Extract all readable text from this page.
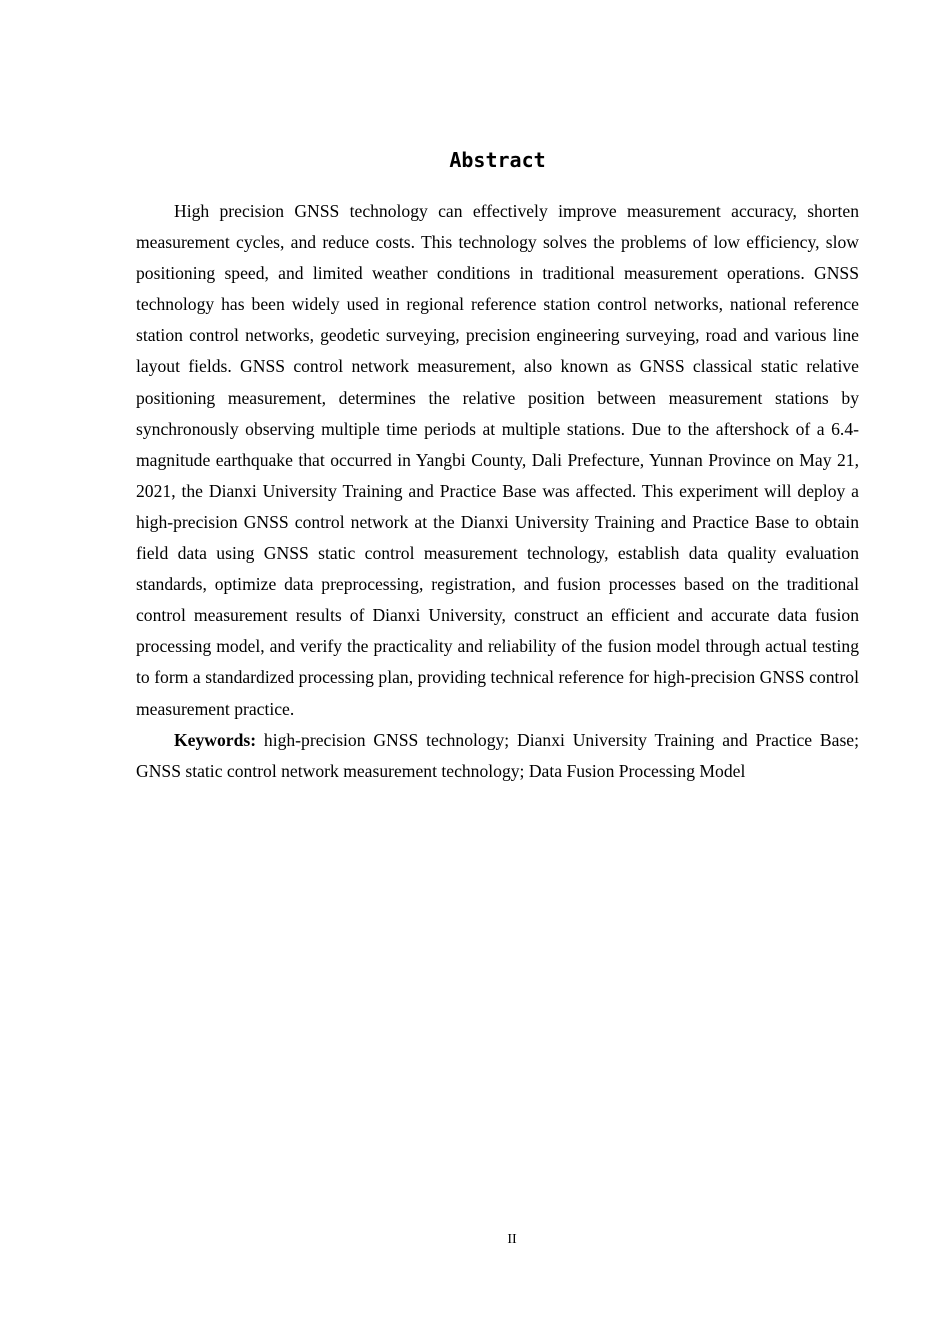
Abstract

High precision GNSS technology can effectively improve measurement accuracy, shorten measurement cycles, and reduce costs. This technology solves the problems of low efficiency, slow positioning speed, and limited weather conditions in traditional measurement operations. GNSS technology has been widely used in regional reference station control networks, national reference station control networks, geodetic surveying, precision engineering surveying, road and various line layout fields. GNSS control network measurement, also known as GNSS classical static relative positioning measurement, determines the relative position between measurement stations by synchronously observing multiple time periods at multiple stations. Due to the aftershock of a 6.4-magnitude earthquake that occurred in Yangbi County, Dali Prefecture, Yunnan Province on May 21, 2021, the Dianxi University Training and Practice Base was affected. This experiment will deploy a high-precision GNSS control network at the Dianxi University Training and Practice Base to obtain field data using GNSS static control measurement technology, establish data quality evaluation standards, optimize data preprocessing, registration, and fusion processes based on the traditional control measurement results of Dianxi University, construct an efficient and accurate data fusion processing model, and verify the practicality and reliability of the fusion model through actual testing to form a standardized processing plan, providing technical reference for high-precision GNSS control measurement practice.

Keywords: high-precision GNSS technology; Dianxi University Training and Practice Base; GNSS static control network measurement technology; Data Fusion Processing Model

II
